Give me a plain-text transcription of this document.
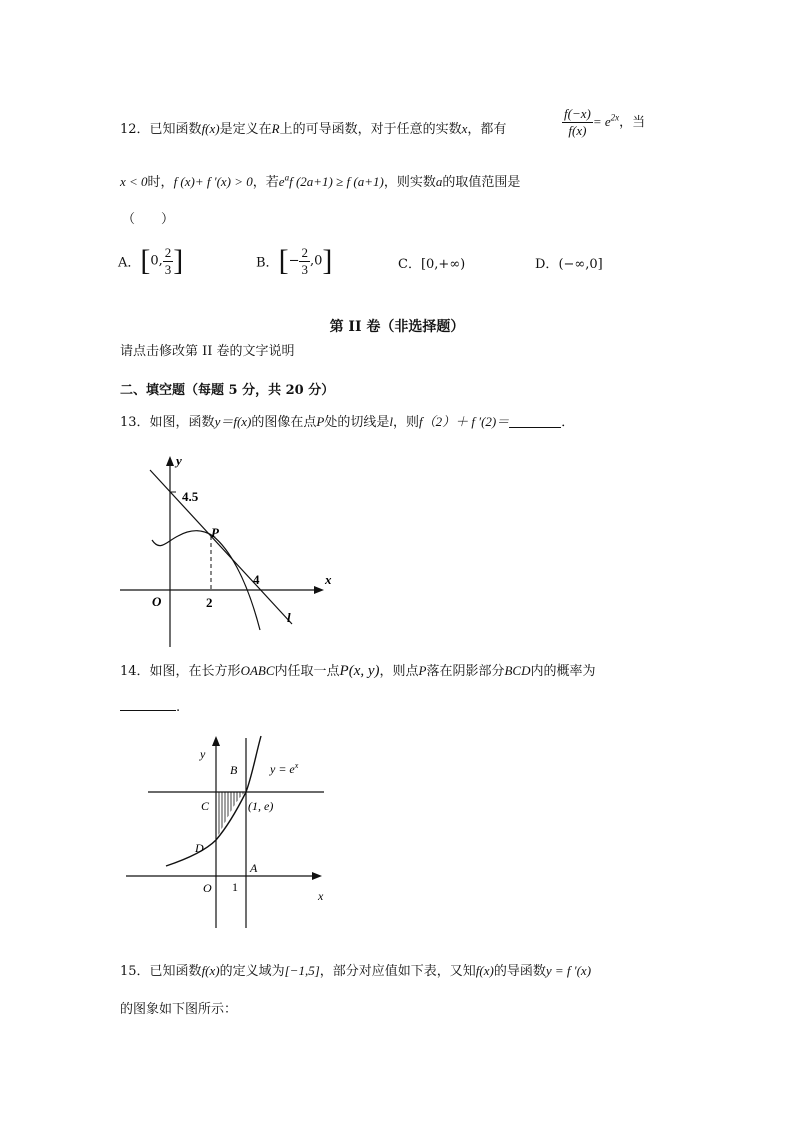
12．已知函数f(x)是定义在R上的可导函数，对于任意的实数x，都有	$\frac{f(-x)}{f(x)} = e^{2x}$，当
x < 0时，f (x)+ f ′(x) > 0，若$e^af$ (2a+1) ≥ f (a+1)，则实数a的取值范围是
（　　）
A．[0, $\frac{2}{3}$ ]	B．[− $\frac{2}{3} ,0$]	C．[0,+∞)	D．(−∞,0]
第 II 卷（非选择题）
请点击修改第 II 卷的文字说明
二、填空题（每题 5 分，共 20 分）
13．如图，函数y＝f(x)的图像在点P处的切线是l，则f（2）＋ f ′(2)＝	．
y
x
O
4.5
2
4
P
l
14．如图，在长方形OABC内任取一点P(x, y)，则点P落在阴影部分BCD内的概率为
.
y
x
O
B
C
D
A
1
(1, e)
$y = e^x$
15．已知函数f(x)的定义域为[−1,5]，部分对应值如下表，又知f(x)的导函数y = f ′(x)
的图象如下图所示：
